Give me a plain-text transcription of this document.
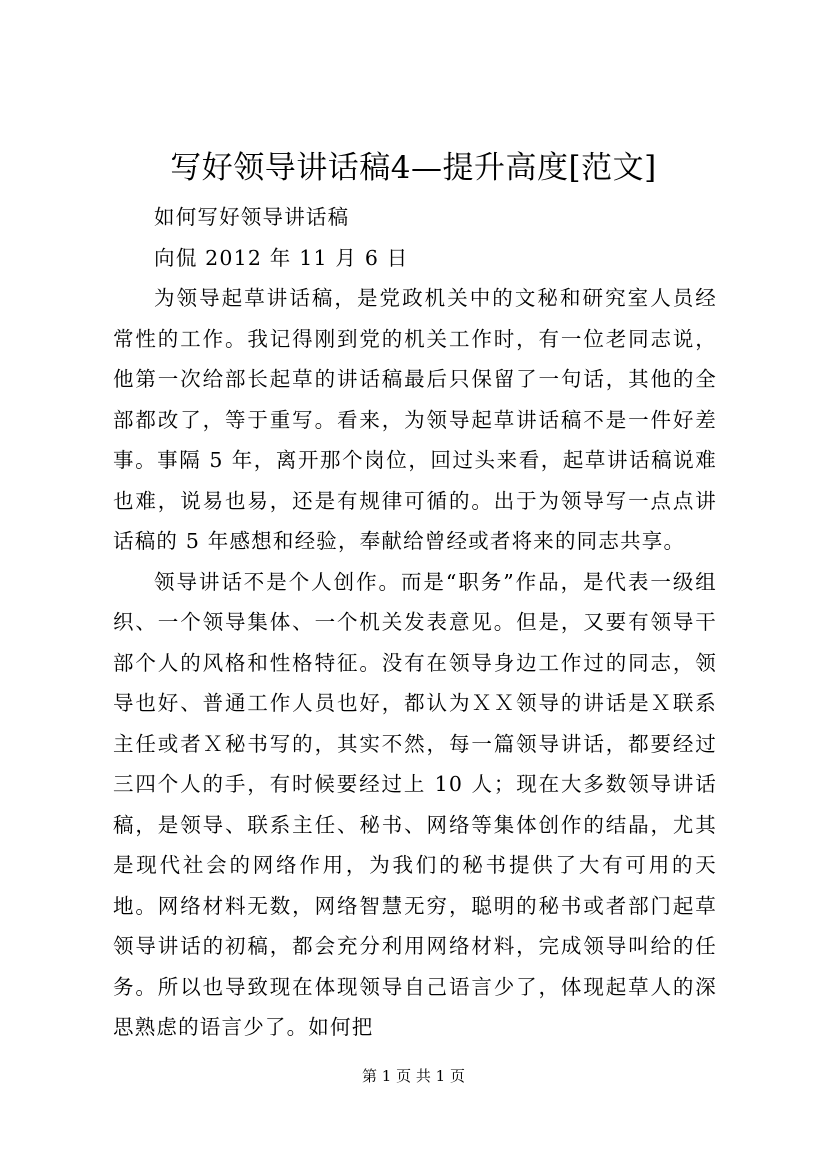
写好领导讲话稿4—提升高度[范文]

如何写好领导讲话稿

向侃 2012 年 11 月 6 日

为领导起草讲话稿，是党政机关中的文秘和研究室人员经常性的工作。我记得刚到党的机关工作时，有一位老同志说，他第一次给部长起草的讲话稿最后只保留了一句话，其他的全部都改了，等于重写。看来，为领导起草讲话稿不是一件好差事。事隔 5 年，离开那个岗位，回过头来看，起草讲话稿说难也难，说易也易，还是有规律可循的。出于为领导写一点点讲话稿的 5 年感想和经验，奉献给曾经或者将来的同志共享。

领导讲话不是个人创作。而是“职务”作品，是代表一级组织、一个领导集体、一个机关发表意见。但是，又要有领导干部个人的风格和性格特征。没有在领导身边工作过的同志，领导也好、普通工作人员也好，都认为ＸＸ领导的讲话是Ｘ联系主任或者Ｘ秘书写的，其实不然，每一篇领导讲话，都要经过三四个人的手，有时候要经过上 10 人；现在大多数领导讲话稿，是领导、联系主任、秘书、网络等集体创作的结晶，尤其是现代社会的网络作用，为我们的秘书提供了大有可用的天地。网络材料无数，网络智慧无穷，聪明的秘书或者部门起草领导讲话的初稿，都会充分利用网络材料，完成领导叫给的任务。所以也导致现在体现领导自己语言少了，体现起草人的深思熟虑的语言少了。如何把

第 1 页 共 1 页
